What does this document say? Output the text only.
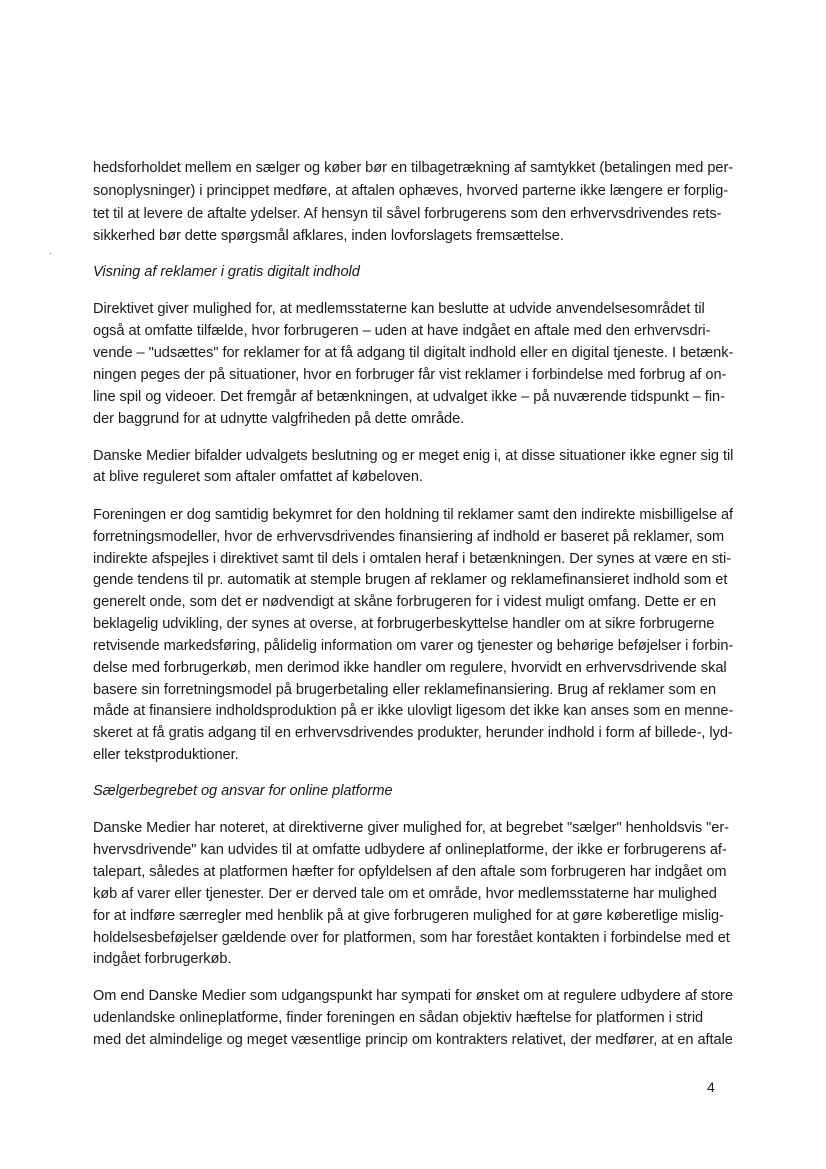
hedsforholdet mellem en sælger og køber bør en tilbagetrækning af samtykket (betalingen med per-
sonoplysninger) i princippet medføre, at aftalen ophæves, hvorved parterne ikke længere er forplig-
tet til at levere de aftalte ydelser. Af hensyn til såvel forbrugerens som den erhvervsdrivendes rets-
sikkerhed bør dette spørgsmål afklares, inden lovforslagets fremsættelse.
Visning af reklamer i gratis digitalt indhold
Direktivet giver mulighed for, at medlemsstaterne kan beslutte at udvide anvendelsesområdet til
også at omfatte tilfælde, hvor forbrugeren – uden at have indgået en aftale med den erhvervsdri-
vende – "udsættes" for reklamer for at få adgang til digitalt indhold eller en digital tjeneste. I betænk-
ningen peges der på situationer, hvor en forbruger får vist reklamer i forbindelse med forbrug af on-
line spil og videoer. Det fremgår af betænkningen, at udvalget ikke – på nuværende tidspunkt – fin-
der baggrund for at udnytte valgfriheden på dette område.
Danske Medier bifalder udvalgets beslutning og er meget enig i, at disse situationer ikke egner sig til
at blive reguleret som aftaler omfattet af købeloven.
Foreningen er dog samtidig bekymret for den holdning til reklamer samt den indirekte misbilligelse af
forretningsmodeller, hvor de erhvervsdrivendes finansiering af indhold er baseret på reklamer, som
indirekte afspejles i direktivet samt til dels i omtalen heraf i betænkningen. Der synes at være en sti-
gende tendens til pr. automatik at stemple brugen af reklamer og reklamefinansieret indhold som et
generelt onde, som det er nødvendigt at skåne forbrugeren for i videst muligt omfang. Dette er en
beklagelig udvikling, der synes at overse, at forbrugerbeskyttelse handler om at sikre forbrugerne
retvisende markedsføring, pålidelig information om varer og tjenester og behørige beføjelser i forbin-
delse med forbrugerkøb, men derimod ikke handler om regulere, hvorvidt en erhvervsdrivende skal
basere sin forretningsmodel på brugerbetaling eller reklamefinansiering. Brug af reklamer som en
måde at finansiere indholdsproduktion på er ikke ulovligt ligesom det ikke kan anses som en menne-
skeret at få gratis adgang til en erhvervsdrivendes produkter, herunder indhold i form af billede-, lyd-
eller tekstproduktioner.
Sælgerbegrebet og ansvar for online platforme
Danske Medier har noteret, at direktiverne giver mulighed for, at begrebet "sælger" henholdsvis "er-
hvervsdrivende" kan udvides til at omfatte udbydere af onlineplatforme, der ikke er forbrugerens af-
talepart, således at platformen hæfter for opfyldelsen af den aftale som forbrugeren har indgået om
køb af varer eller tjenester. Der er derved tale om et område, hvor medlemsstaterne har mulighed
for at indføre særregler med henblik på at give forbrugeren mulighed for at gøre køberetlige mislig-
holdelsesbeføjelser gældende over for platformen, som har forestået kontakten i forbindelse med et
indgået forbrugerkøb.
Om end Danske Medier som udgangspunkt har sympati for ønsket om at regulere udbydere af store
udenlandske onlineplatforme, finder foreningen en sådan objektiv hæftelse for platformen i strid
med det almindelige og meget væsentlige princip om kontrakters relativet, der medfører, at en aftale
4
